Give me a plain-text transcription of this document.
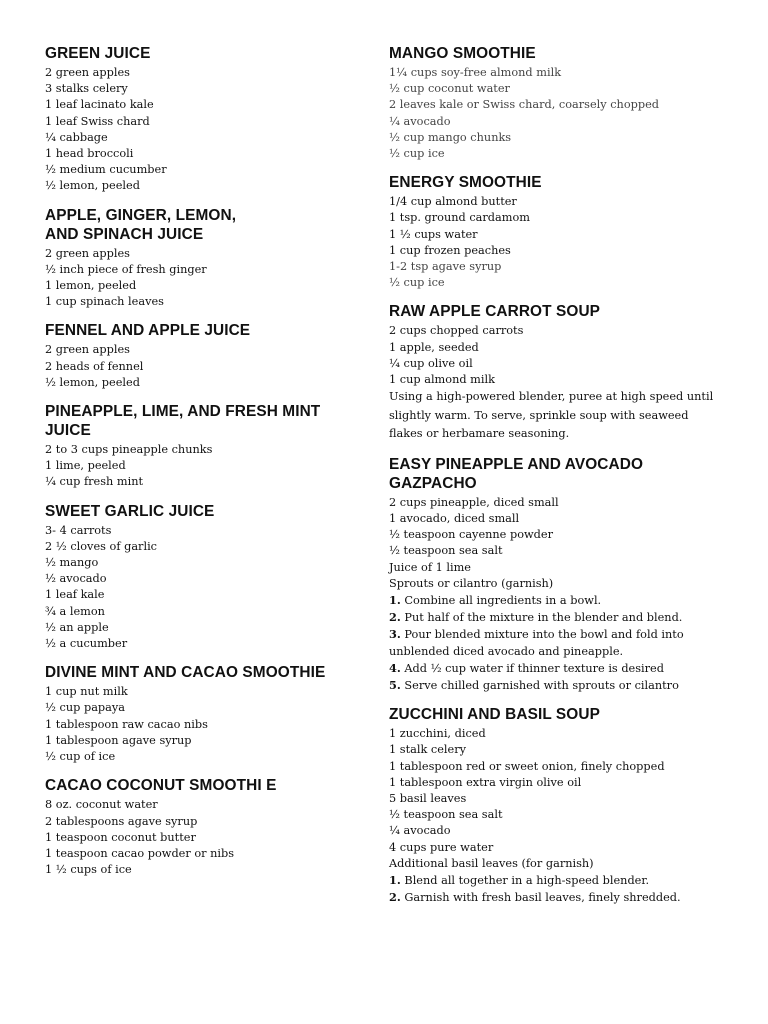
GREEN JUICE

2 green apples

3 stalks celery

1 leaf lacinato kale

1 leaf Swiss chard

¼ cabbage

1 head broccoli

½ medium cucumber

½ lemon, peeled

APPLE, GINGER, LEMON,
AND SPINACH JUICE

2 green apples

½ inch piece of fresh ginger

1 lemon, peeled

1 cup spinach leaves

FENNEL AND APPLE JUICE

2 green apples

2 heads of fennel

½ lemon, peeled

PINEAPPLE, LIME, AND FRESH MINT
JUICE

2 to 3 cups pineapple chunks

1 lime, peeled

¼ cup fresh mint

SWEET GARLIC JUICE

3- 4 carrots

2 ½ cloves of garlic

½ mango

½ avocado

1 leaf kale

¾ a lemon

½ an apple

½ a cucumber

DIVINE MINT AND CACAO SMOOTHIE

1 cup nut milk

½ cup papaya

1 tablespoon raw cacao nibs

1 tablespoon agave syrup

½ cup of ice

CACAO COCONUT SMOOTHI E

8 oz. coconut water

2 tablespoons agave syrup

1 teaspoon coconut butter

1 teaspoon cacao powder or nibs

1 ½ cups of ice

MANGO SMOOTHIE

1¼ cups soy-free almond milk

½ cup coconut water

2 leaves kale or Swiss chard, coarsely chopped

¼ avocado

½ cup mango chunks

½ cup ice

ENERGY SMOOTHIE

1/4 cup almond butter

1 tsp. ground cardamom

1 ½ cups water

1 cup frozen peaches

1-2 tsp agave syrup

½ cup ice

RAW APPLE CARROT SOUP

2 cups chopped carrots

1 apple, seeded

¼ cup olive oil

1 cup almond milk

Using a high-powered blender, puree at high speed until slightly warm. To serve, sprinkle soup with seaweed flakes or herbamare seasoning.

EASY PINEAPPLE AND AVOCADO
GAZPACHO

2 cups pineapple, diced small

1 avocado, diced small

½ teaspoon cayenne powder

½ teaspoon sea salt

Juice of 1 lime

Sprouts or cilantro (garnish)

1. Combine all ingredients in a bowl.

2. Put half of the mixture in the blender and blend.

3. Pour blended mixture into the bowl and fold into unblended diced avocado and pineapple.

4. Add ½ cup water if thinner texture is desired

5. Serve chilled garnished with sprouts or cilantro

ZUCCHINI AND BASIL SOUP

1 zucchini, diced

1 stalk celery

1 tablespoon red or sweet onion, finely chopped

1 tablespoon extra virgin olive oil

5 basil leaves

½ teaspoon sea salt

¼ avocado

4 cups pure water

Additional basil leaves (for garnish)

1. Blend all together in a high-speed blender.

2. Garnish with fresh basil leaves, finely shredded.
